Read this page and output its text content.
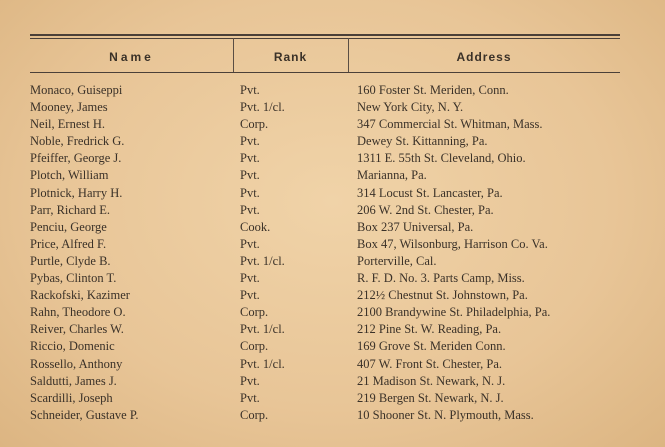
Name	Rank	Address
Monaco, Guiseppi	Pvt.	160 Foster St. Meriden, Conn.
Mooney, James	Pvt. 1/cl.	New York City, N. Y.
Neil, Ernest H.	Corp.	347 Commercial St. Whitman, Mass.
Noble, Fredrick G.	Pvt.	Dewey St. Kittanning, Pa.
Pfeiffer, George J.	Pvt.	1311 E. 55th St. Cleveland, Ohio.
Plotch, William	Pvt.	Marianna, Pa.
Plotnick, Harry H.	Pvt.	314 Locust St. Lancaster, Pa.
Parr, Richard E.	Pvt.	206 W. 2nd St. Chester, Pa.
Penciu, George	Cook.	Box 237 Universal, Pa.
Price, Alfred F.	Pvt.	Box 47, Wilsonburg, Harrison Co. Va.
Purtle, Clyde B.	Pvt. 1/cl.	Porterville, Cal.
Pybas, Clinton T.	Pvt.	R. F. D. No. 3. Parts Camp, Miss.
Rackofski, Kazimer	Pvt.	212½ Chestnut St. Johnstown, Pa.
Rahn, Theodore O.	Corp.	2100 Brandywine St. Philadelphia, Pa.
Reiver, Charles W.	Pvt. 1/cl.	212 Pine St. W. Reading, Pa.
Riccio, Domenic	Corp.	169 Grove St. Meriden Conn.
Rossello, Anthony	Pvt. 1/cl.	407 W. Front St. Chester, Pa.
Saldutti, James J.	Pvt.	21 Madison St. Newark, N. J.
Scardilli, Joseph	Pvt.	219 Bergen St. Newark, N. J.
Schneider, Gustave P.	Corp.	10 Shooner St. N. Plymouth, Mass.
